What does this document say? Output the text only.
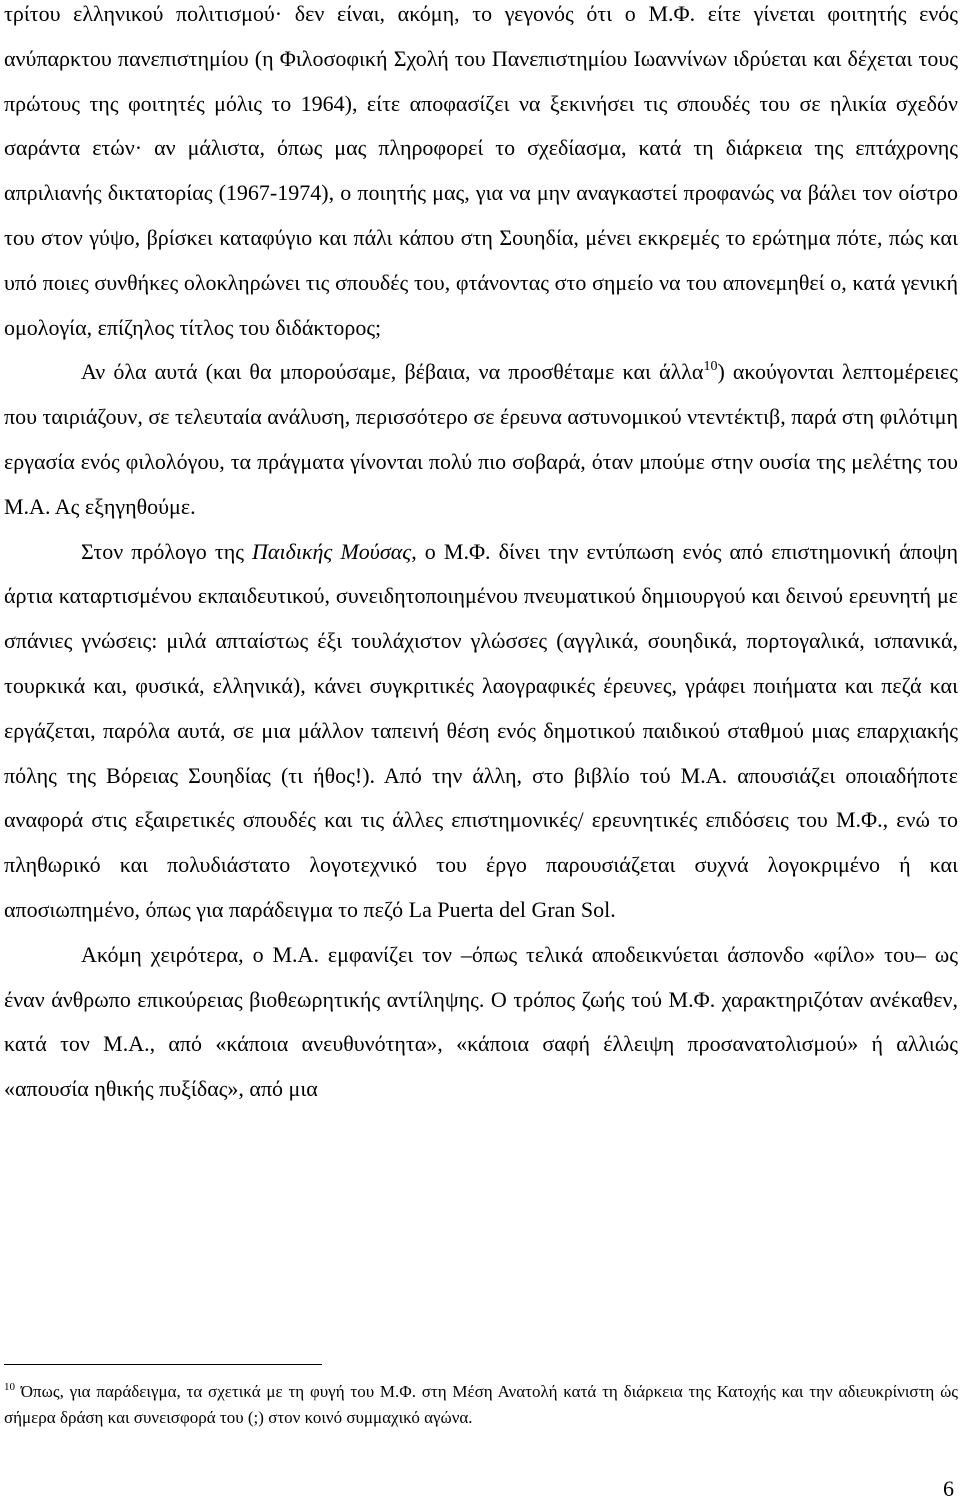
τρίτου ελληνικού πολιτισμού· δεν είναι, ακόμη, το γεγονός ότι ο Μ.Φ. είτε γίνεται φοιτητής ενός ανύπαρκτου πανεπιστημίου (η Φιλοσοφική Σχολή του Πανεπιστημίου Ιωαννίνων ιδρύεται και δέχεται τους πρώτους της φοιτητές μόλις το 1964), είτε αποφασίζει να ξεκινήσει τις σπουδές του σε ηλικία σχεδόν σαράντα ετών· αν μάλιστα, όπως μας πληροφορεί το σχεδίασμα, κατά τη διάρκεια της επτάχρονης απριλιανής δικτατορίας (1967-1974), ο ποιητής μας, για να μην αναγκαστεί προφανώς να βάλει τον οίστρο του στον γύψο, βρίσκει καταφύγιο και πάλι κάπου στη Σουηδία, μένει εκκρεμές το ερώτημα πότε, πώς και υπό ποιες συνθήκες ολοκληρώνει τις σπουδές του, φτάνοντας στο σημείο να του απονεμηθεί ο, κατά γενική ομολογία, επίζηλος τίτλος του διδάκτορος;

Αν όλα αυτά (και θα μπορούσαμε, βέβαια, να προσθέταμε και άλλα$^{10}$) ακούγονται λεπτομέρειες που ταιριάζουν, σε τελευταία ανάλυση, περισσότερο σε έρευνα αστυνομικού ντεντέκτιβ, παρά στη φιλότιμη εργασία ενός φιλολόγου, τα πράγματα γίνονται πολύ πιο σοβαρά, όταν μπούμε στην ουσία της μελέτης του Μ.Α. Ας εξηγηθούμε.

Στον πρόλογο της Παιδικής Μούσας, ο Μ.Φ. δίνει την εντύπωση ενός από επιστημονική άποψη άρτια καταρτισμένου εκπαιδευτικού, συνειδητοποιημένου πνευματικού δημιουργού και δεινού ερευνητή με σπάνιες γνώσεις: μιλά απταίστως έξι τουλάχιστον γλώσσες (αγγλικά, σουηδικά, πορτογαλικά, ισπανικά, τουρκικά και, φυσικά, ελληνικά), κάνει συγκριτικές λαογραφικές έρευνες, γράφει ποιήματα και πεζά και εργάζεται, παρόλα αυτά, σε μια μάλλον ταπεινή θέση ενός δημοτικού παιδικού σταθμού μιας επαρχιακής πόλης της Βόρειας Σουηδίας (τι ήθος!). Από την άλλη, στο βιβλίο τού Μ.Α. απουσιάζει οποιαδήποτε αναφορά στις εξαιρετικές σπουδές και τις άλλες επιστημονικές/ ερευνητικές επιδόσεις του Μ.Φ., ενώ το πληθωρικό και πολυδιάστατο λογοτεχνικό του έργο παρουσιάζεται συχνά λογοκριμένο ή και αποσιωπημένο, όπως για παράδειγμα το πεζό La Puerta del Gran Sol.

Ακόμη χειρότερα, ο Μ.Α. εμφανίζει τον –όπως τελικά αποδεικνύεται άσπονδο «φίλο» του– ως έναν άνθρωπο επικούρειας βιοθεωρητικής αντίληψης. Ο τρόπος ζωής τού Μ.Φ. χαρακτηριζόταν ανέκαθεν, κατά τον Μ.Α., από «κάποια ανευθυνότητα», «κάποια σαφή έλλειψη προσανατολισμού» ή αλλιώς «απουσία ηθικής πυξίδας», από μια

$^{10}$ Όπως, για παράδειγμα, τα σχετικά με τη φυγή του Μ.Φ. στη Μέση Ανατολή κατά τη διάρκεια της Κατοχής και την αδιευκρίνιστη ώς σήμερα δράση και συνεισφορά του (;) στον κοινό συμμαχικό αγώνα.

6
